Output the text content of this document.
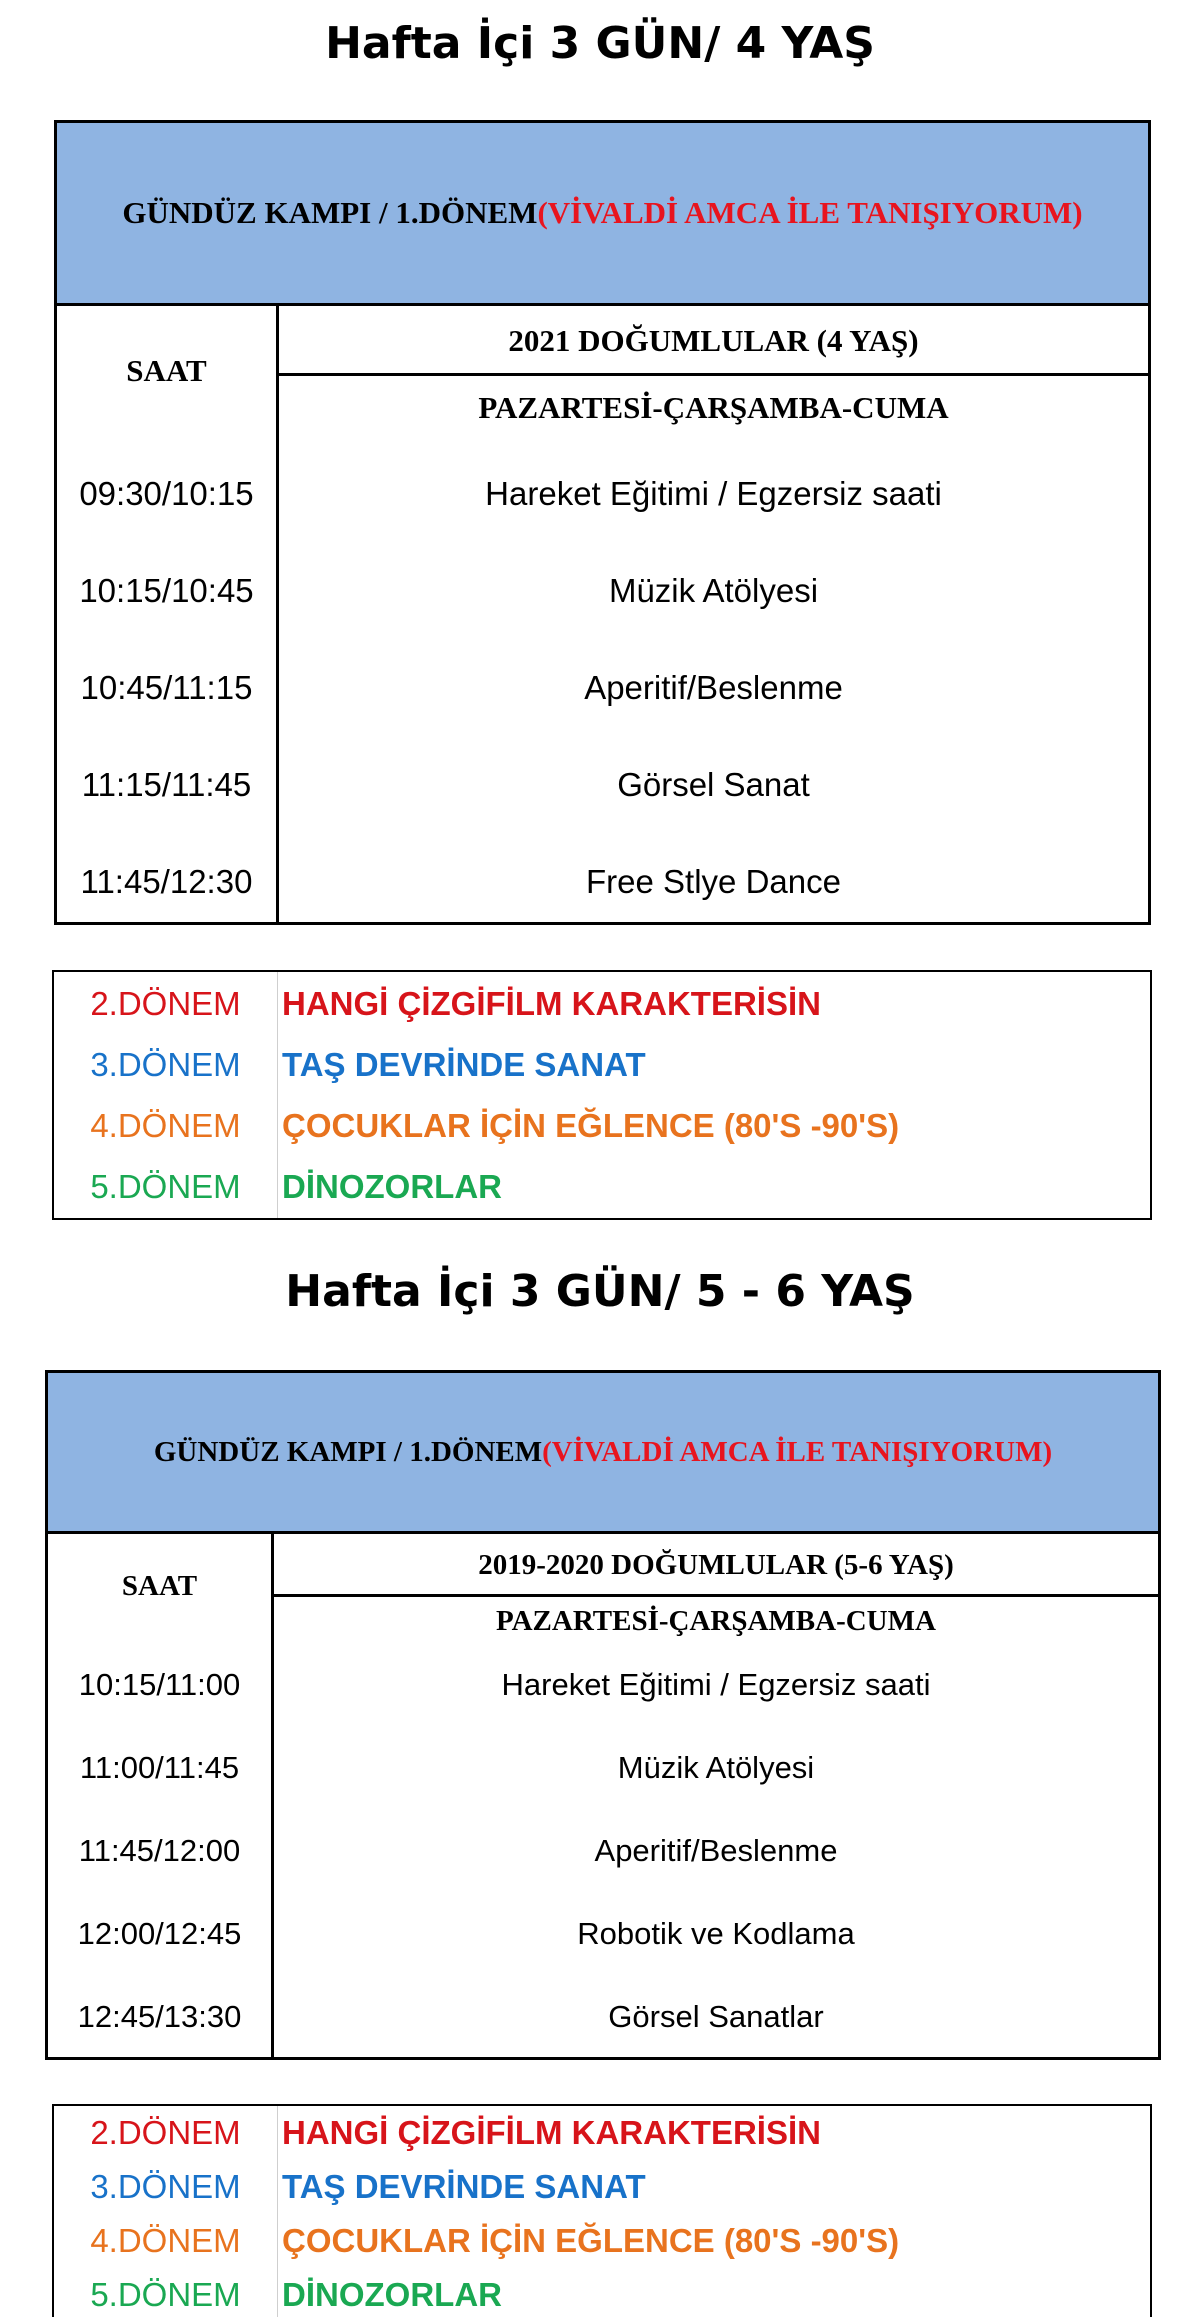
Hafta İçi 3 GÜN/ 4 YAŞ
GÜNDÜZ KAMPI / 1.DÖNEM (VİVALDİ AMCA İLE TANIŞIYORUM)
SAAT
2021 DOĞUMLULAR (4 YAŞ)
PAZARTESİ-ÇARŞAMBA-CUMA
09:30/10:15	Hareket Eğitimi / Egzersiz saati
10:15/10:45	Müzik Atölyesi
10:45/11:15	Aperitif/Beslenme
11:15/11:45	Görsel Sanat
11:45/12:30	Free Stlye Dance
2.DÖNEM	HANGİ ÇİZGİFİLM KARAKTERİSİN
3.DÖNEM	TAŞ DEVRİNDE SANAT
4.DÖNEM	ÇOCUKLAR İÇİN EĞLENCE (80'S -90'S)
5.DÖNEM	DİNOZORLAR
Hafta İçi 3 GÜN/ 5 - 6 YAŞ
GÜNDÜZ KAMPI / 1.DÖNEM (VİVALDİ AMCA İLE TANIŞIYORUM)
SAAT
2019-2020 DOĞUMLULAR (5-6 YAŞ)
PAZARTESİ-ÇARŞAMBA-CUMA
10:15/11:00	Hareket Eğitimi / Egzersiz saati
11:00/11:45	Müzik Atölyesi
11:45/12:00	Aperitif/Beslenme
12:00/12:45	Robotik ve Kodlama
12:45/13:30	Görsel Sanatlar
2.DÖNEM	HANGİ ÇİZGİFİLM KARAKTERİSİN
3.DÖNEM	TAŞ DEVRİNDE SANAT
4.DÖNEM	ÇOCUKLAR İÇİN EĞLENCE (80'S -90'S)
5.DÖNEM	DİNOZORLAR
